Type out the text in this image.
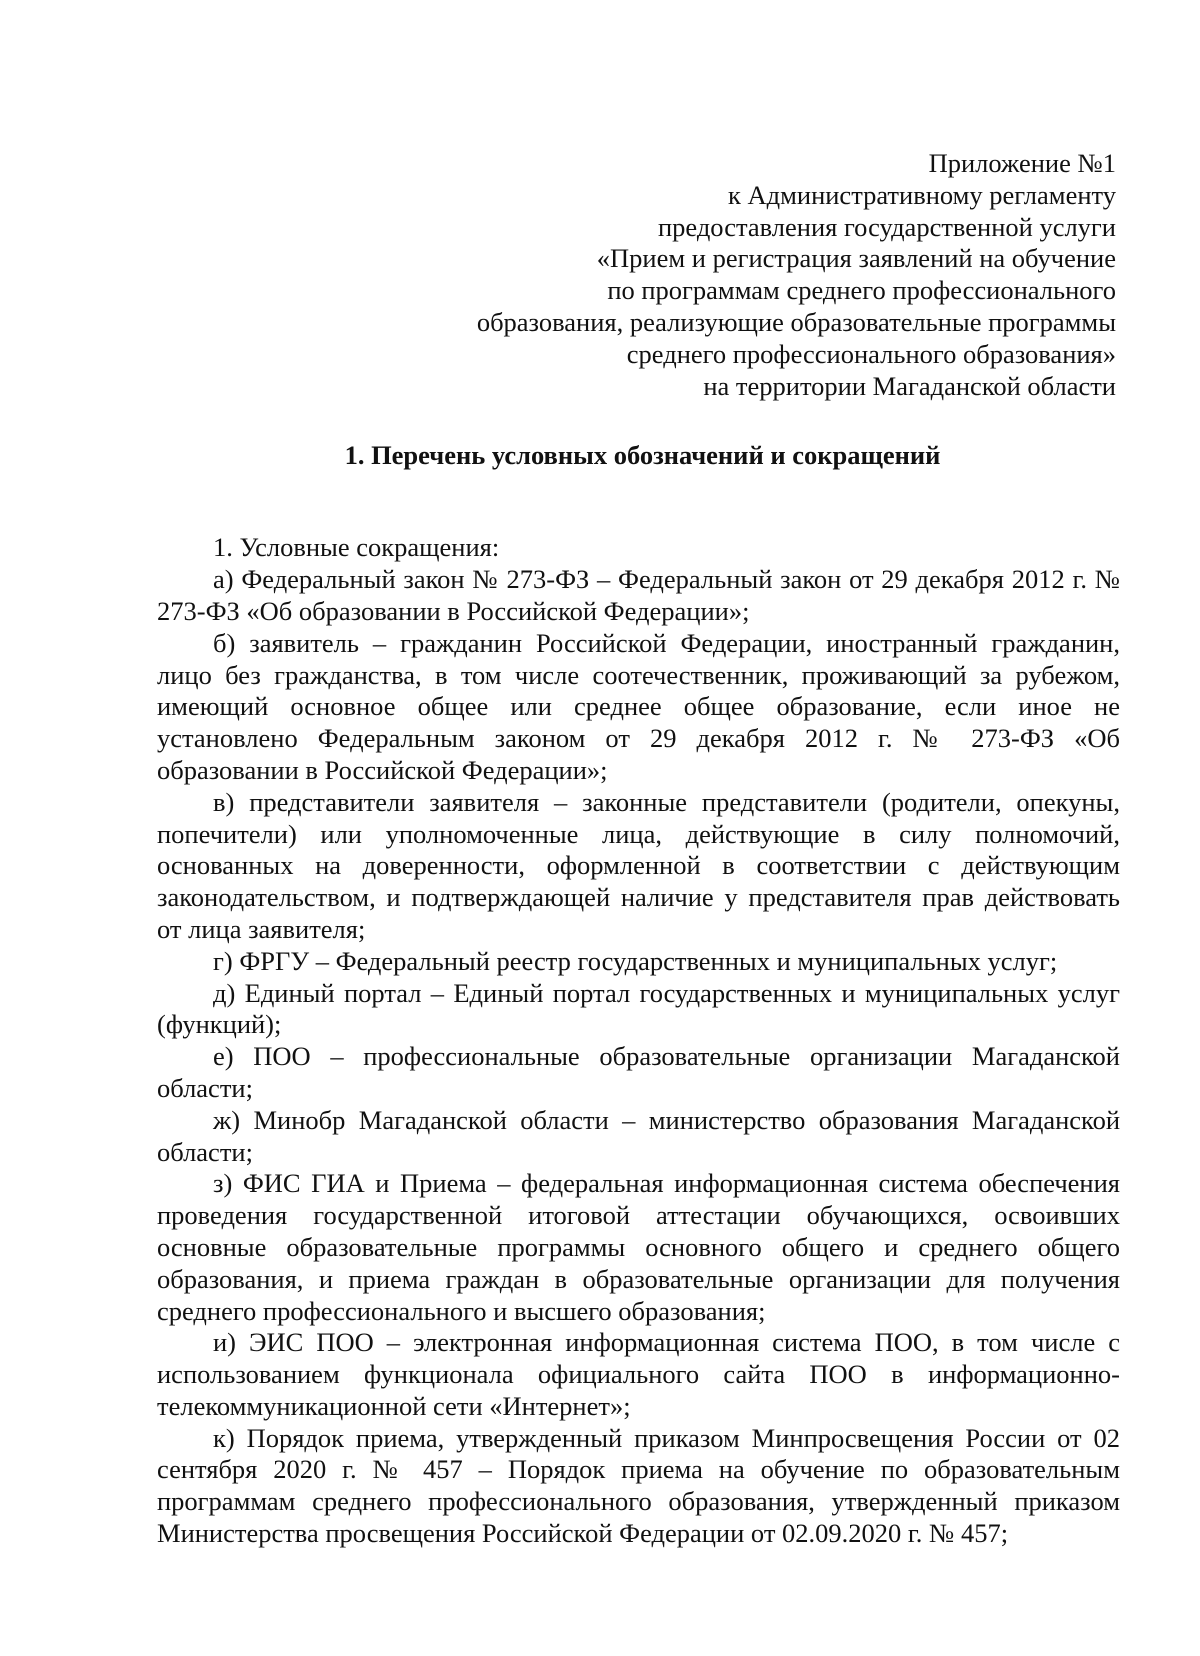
Приложение №1
к Административному регламенту
предоставления государственной услуги
«Прием и регистрация заявлений на обучение
по программам среднего профессионального
образования, реализующие образовательные программы
среднего профессионального образования»
на территории Магаданской области
1. Перечень условных обозначений и сокращений

1. Условные сокращения:

а) Федеральный закон № 273-ФЗ – Федеральный закон от 29 декабря 2012 г. № 273-ФЗ «Об образовании в Российской Федерации»;

б) заявитель – гражданин Российской Федерации, иностранный гражданин, лицо без гражданства, в том числе соотечественник, проживающий за рубежом, имеющий основное общее или среднее общее образование, если иное не установлено Федеральным законом от 29 декабря 2012 г. № 273-ФЗ «Об образовании в Российской Федерации»;

в) представители заявителя – законные представители (родители, опекуны, попечители) или уполномоченные лица, действующие в силу полномочий, основанных на доверенности, оформленной в соответствии с действующим законодательством, и подтверждающей наличие у представителя прав действовать от лица заявителя;

г) ФРГУ – Федеральный реестр государственных и муниципальных услуг;

д) Единый портал – Единый портал государственных и муниципальных услуг (функций);

е) ПОО – профессиональные образовательные организации Магаданской области;

ж) Минобр Магаданской области – министерство образования Магаданской области;

з) ФИС ГИА и Приема – федеральная информационная система обеспечения проведения государственной итоговой аттестации обучающихся, освоивших основные образовательные программы основного общего и среднего общего образования, и приема граждан в образовательные организации для получения среднего профессионального и высшего образования;

и) ЭИС ПОО – электронная информационная система ПОО, в том числе с использованием функционала официального сайта ПОО в информационно-телекоммуникационной сети «Интернет»;

к) Порядок приема, утвержденный приказом Минпросвещения России от 02 сентября 2020 г. № 457 – Порядок приема на обучение по образовательным программам среднего профессионального образования, утвержденный приказом Министерства просвещения Российской Федерации от 02.09.2020 г. № 457;
